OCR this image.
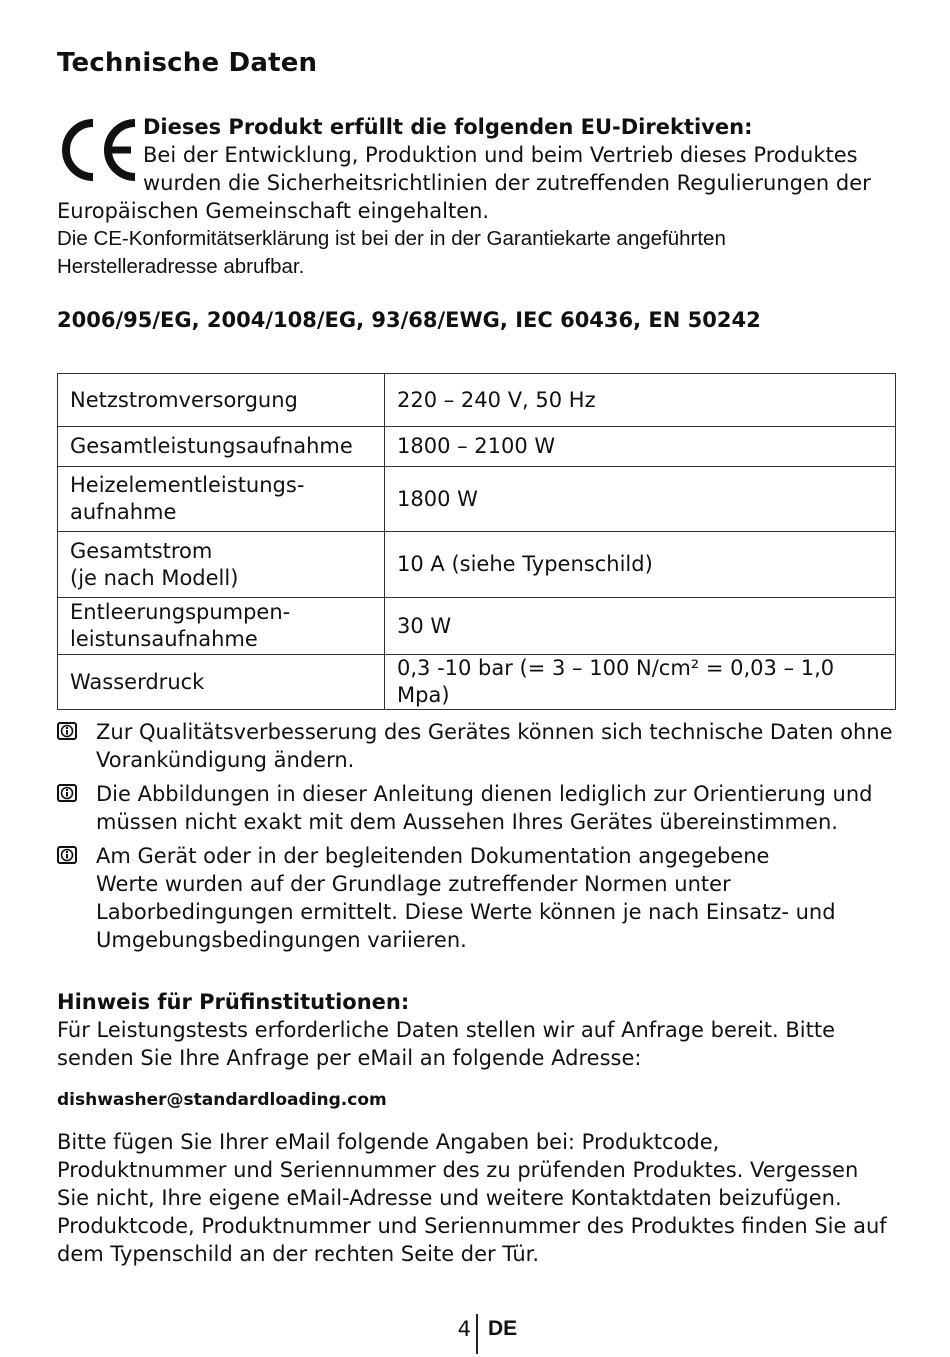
Technische Daten
Dieses Produkt erfüllt die folgenden EU-Direktiven:
Bei der Entwicklung, Produktion und beim Vertrieb dieses Produktes
wurden die Sicherheitsrichtlinien der zutreffenden Regulierungen der
Europäischen Gemeinschaft eingehalten.
Die CE-Konformitätserklärung ist bei der in der Garantiekarte angeführten
Herstelleradresse abrufbar.
2006/95/EG, 2004/108/EG, 93/68/EWG, IEC 60436, EN 50242
Netzstromversorgung	220 – 240 V, 50 Hz
Gesamtleistungsaufnahme	1800 – 2100 W
Heizelementleistungs-
aufnahme	1800 W
Gesamtstrom
(je nach Modell)	10 A (siehe Typenschild)
Entleerungspumpen-
leistunsaufnahme	30 W
Wasserdruck	0,3 -10 bar (= 3 – 100 N/cm² = 0,03 – 1,0 Mpa)
Zur Qualitätsverbesserung des Gerätes können sich technische Daten ohne
Vorankündigung ändern.
Die Abbildungen in dieser Anleitung dienen lediglich zur Orientierung und
müssen nicht exakt mit dem Aussehen Ihres Gerätes übereinstimmen.
Am Gerät oder in der begleitenden Dokumentation angegebene
Werte wurden auf der Grundlage zutreffender Normen unter
Laborbedingungen ermittelt. Diese Werte können je nach Einsatz- und
Umgebungsbedingungen variieren.
Hinweis für Prüfinstitutionen:
Für Leistungstests erforderliche Daten stellen wir auf Anfrage bereit. Bitte
senden Sie Ihre Anfrage per eMail an folgende Adresse:
dishwasher@standardloading.com
Bitte fügen Sie Ihrer eMail folgende Angaben bei: Produktcode,
Produktnummer und Seriennummer des zu prüfenden Produktes. Vergessen
Sie nicht, Ihre eigene eMail-Adresse und weitere Kontaktdaten beizufügen.
Produktcode, Produktnummer und Seriennummer des Produktes finden Sie auf
dem Typenschild an der rechten Seite der Tür.
4 DE
